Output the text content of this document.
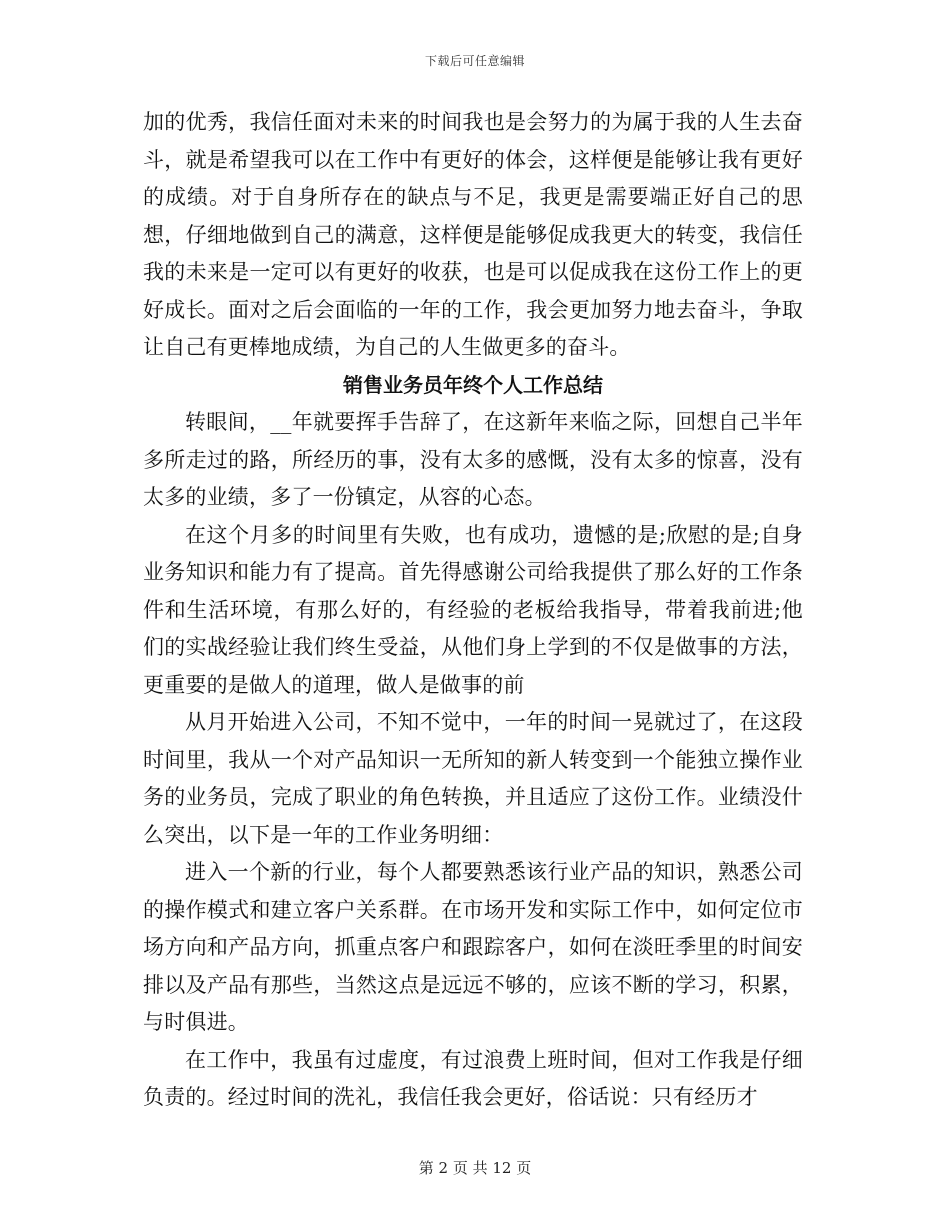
下载后可任意编辑

加的优秀，我信任面对未来的时间我也是会努力的为属于我的人生去奋斗，就是希望我可以在工作中有更好的体会，这样便是能够让我有更好的成绩。对于自身所存在的缺点与不足，我更是需要端正好自己的思想，仔细地做到自己的满意，这样便是能够促成我更大的转变，我信任我的未来是一定可以有更好的收获，也是可以促成我在这份工作上的更好成长。面对之后会面临的一年的工作，我会更加努力地去奋斗，争取让自己有更棒地成绩，为自己的人生做更多的奋斗。

销售业务员年终个人工作总结

转眼间，__年就要挥手告辞了，在这新年来临之际，回想自己半年多所走过的路，所经历的事，没有太多的感慨，没有太多的惊喜，没有太多的业绩，多了一份镇定，从容的心态。

在这个月多的时间里有失败，也有成功，遗憾的是;欣慰的是;自身业务知识和能力有了提高。首先得感谢公司给我提供了那么好的工作条件和生活环境，有那么好的，有经验的老板给我指导，带着我前进;他们的实战经验让我们终生受益，从他们身上学到的不仅是做事的方法，更重要的是做人的道理，做人是做事的前

从月开始进入公司，不知不觉中，一年的时间一晃就过了，在这段时间里，我从一个对产品知识一无所知的新人转变到一个能独立操作业务的业务员，完成了职业的角色转换，并且适应了这份工作。业绩没什么突出，以下是一年的工作业务明细：

进入一个新的行业，每个人都要熟悉该行业产品的知识，熟悉公司的操作模式和建立客户关系群。在市场开发和实际工作中，如何定位市场方向和产品方向，抓重点客户和跟踪客户，如何在淡旺季里的时间安排以及产品有那些，当然这点是远远不够的，应该不断的学习，积累，与时俱进。

在工作中，我虽有过虚度，有过浪费上班时间，但对工作我是仔细负责的。经过时间的洗礼，我信任我会更好，俗话说：只有经历才

第 2 页 共 12 页
